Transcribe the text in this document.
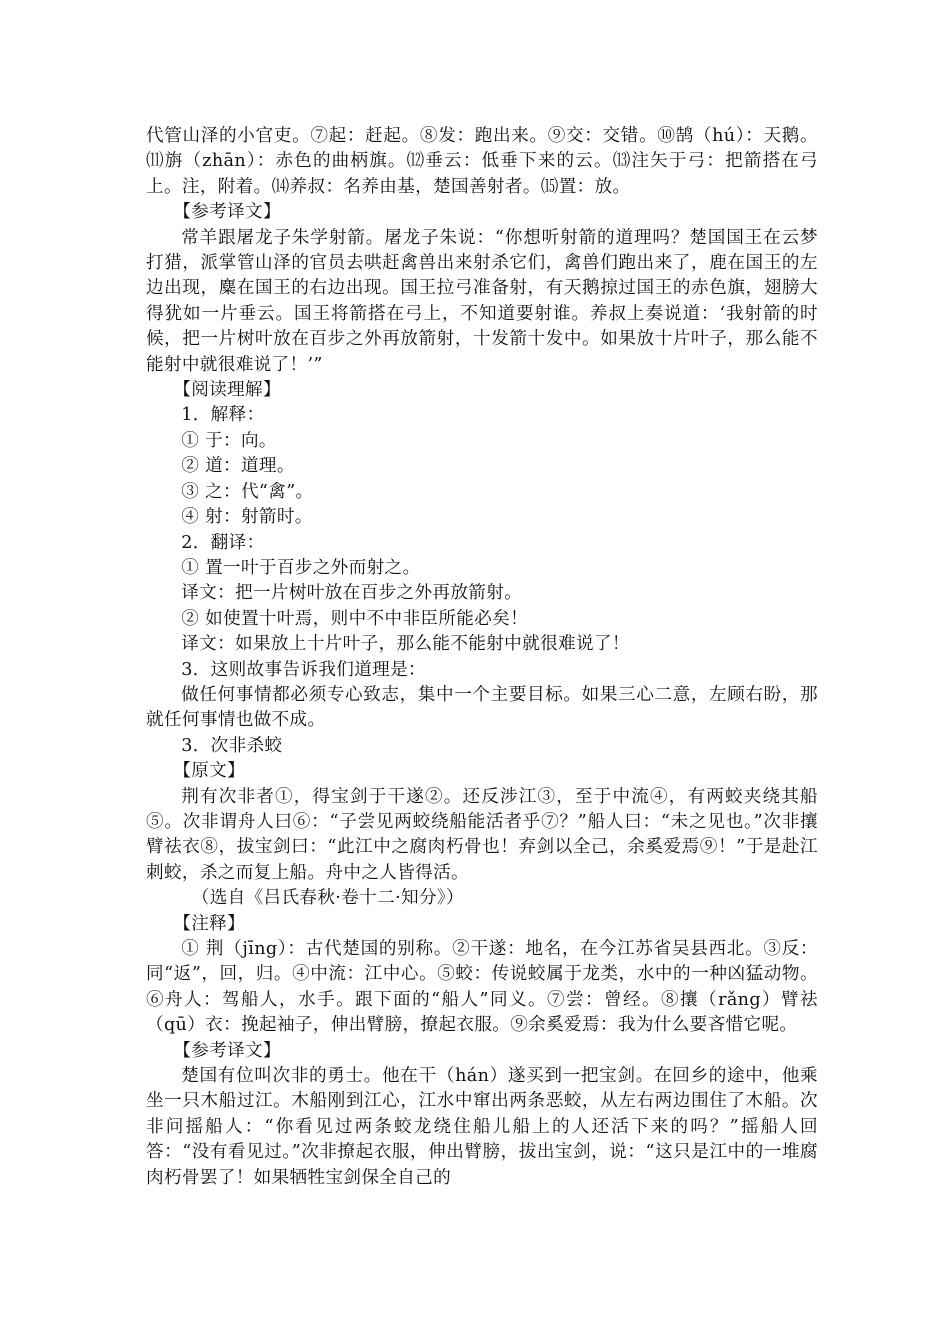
代管山泽的小官吏。⑦起：赶起。⑧发：跑出来。⑨交：交错。⑩鹄（hú）：天鹅。⑾旃（zhān）：赤色的曲柄旗。⑿垂云：低垂下来的云。⒀注矢于弓：把箭搭在弓上。注，附着。⒁养叔：名养由基，楚国善射者。⒂置：放。

【参考译文】

常羊跟屠龙子朱学射箭。屠龙子朱说：“你想听射箭的道理吗？楚国国王在云梦打猎，派掌管山泽的官员去哄赶禽兽出来射杀它们，禽兽们跑出来了，鹿在国王的左边出现，麋在国王的右边出现。国王拉弓准备射，有天鹅掠过国王的赤色旗，翅膀大得犹如一片垂云。国王将箭搭在弓上，不知道要射谁。养叔上奏说道：‘我射箭的时候，把一片树叶放在百步之外再放箭射，十发箭十发中。如果放十片叶子，那么能不能射中就很难说了！’”

【阅读理解】

1．解释：

① 于：向。

② 道：道理。

③ 之：代“禽”。

④ 射：射箭时。

2．翻译：

① 置一叶于百步之外而射之。

译文：把一片树叶放在百步之外再放箭射。

② 如使置十叶焉，则中不中非臣所能必矣！

译文：如果放上十片叶子，那么能不能射中就很难说了！

3．这则故事告诉我们道理是：

做任何事情都必须专心致志，集中一个主要目标。如果三心二意，左顾右盼，那就任何事情也做不成。

3．次非杀蛟

【原文】

荆有次非者①，得宝剑于干遂②。还反涉江③，至于中流④，有两蛟夹绕其船⑤。次非谓舟人曰⑥：“子尝见两蛟绕船能活者乎⑦？”船人曰：“未之见也。”次非攘臂祛衣⑧，拔宝剑曰：“此江中之腐肉朽骨也！弃剑以全己，余奚爱焉⑨！”于是赴江刺蛟，杀之而复上船。舟中之人皆得活。

（选自《吕氏春秋·卷十二·知分》）

【注释】

① 荆（jīng）：古代楚国的别称。②干遂：地名，在今江苏省吴县西北。③反：同“返”，回，归。④中流：江中心。⑤蛟：传说蛟属于龙类，水中的一种凶猛动物。⑥舟人：驾船人，水手。跟下面的“船人”同义。⑦尝：曾经。⑧攘（rǎng）臂祛（qū）衣：挽起袖子，伸出臂膀，撩起衣服。⑨余奚爱焉：我为什么要吝惜它呢。

【参考译文】

楚国有位叫次非的勇士。他在干（hán）遂买到一把宝剑。在回乡的途中，他乘坐一只木船过江。木船刚到江心，江水中窜出两条恶蛟，从左右两边围住了木船。次非问摇船人：“你看见过两条蛟龙绕住船儿船上的人还活下来的吗？”摇船人回答：“没有看见过。”次非撩起衣服，伸出臂膀，拔出宝剑，说：“这只是江中的一堆腐肉朽骨罢了！如果牺牲宝剑保全自己的
